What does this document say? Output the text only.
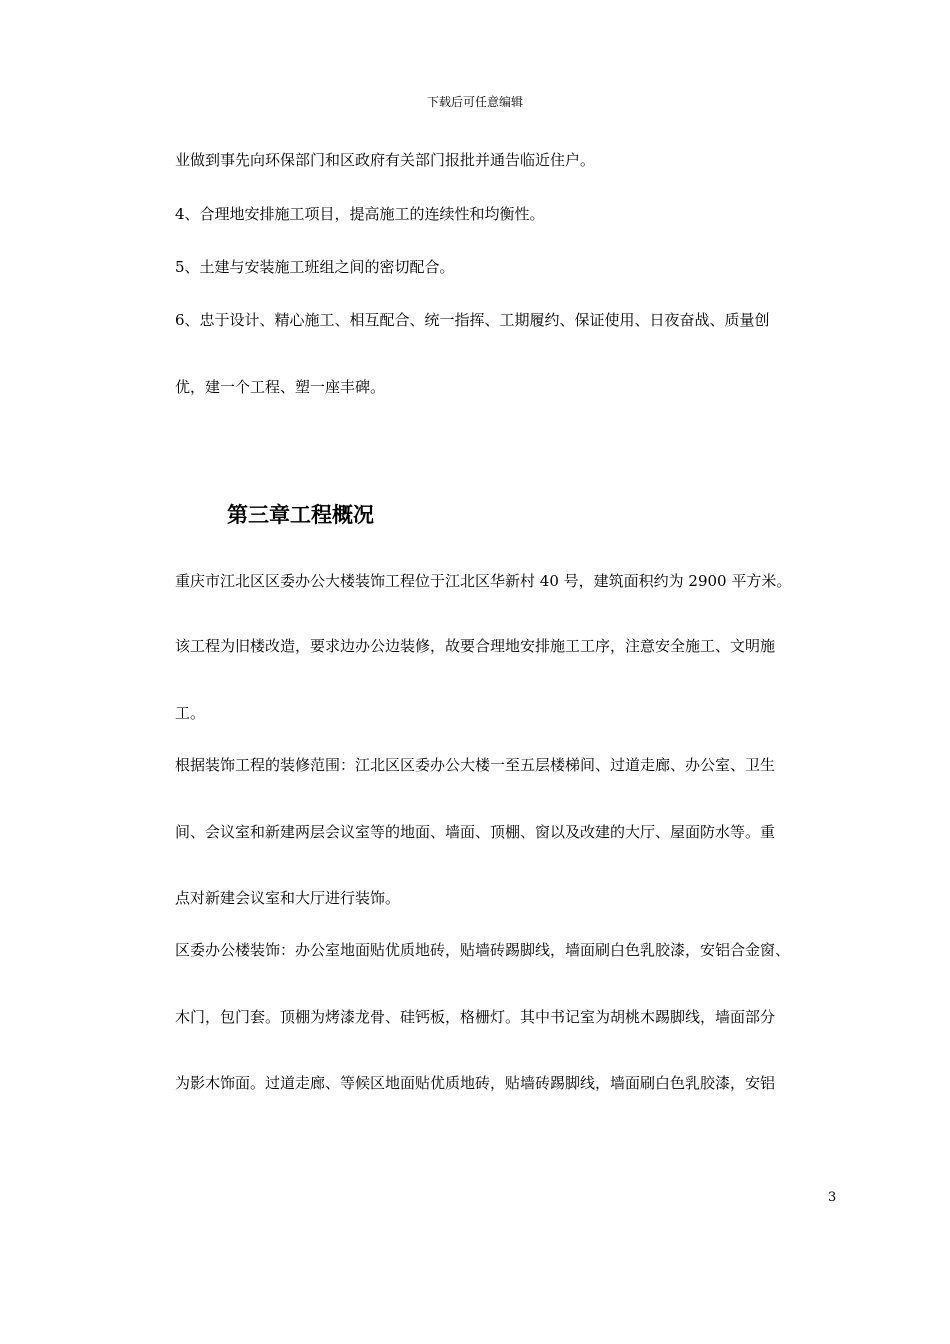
下载后可任意编辑
业做到事先向环保部门和区政府有关部门报批并通告临近住户。
4、合理地安排施工项目，提高施工的连续性和均衡性。
5、土建与安装施工班组之间的密切配合。
6、忠于设计、精心施工、相互配合、统一指挥、工期履约、保证使用、日夜奋战、质量创
优，建一个工程、塑一座丰碑。
第三章工程概况
重庆市江北区区委办公大楼装饰工程位于江北区华新村 40 号，建筑面积约为 2900 平方米。
该工程为旧楼改造，要求边办公边装修，故要合理地安排施工工序，注意安全施工、文明施
工。
根据装饰工程的装修范围：江北区区委办公大楼一至五层楼梯间、过道走廊、办公室、卫生
间、会议室和新建两层会议室等的地面、墙面、顶棚、窗以及改建的大厅、屋面防水等。重
点对新建会议室和大厅进行装饰。
区委办公楼装饰：办公室地面贴优质地砖，贴墙砖踢脚线，墙面刷白色乳胶漆，安铝合金窗、
木门，包门套。顶棚为烤漆龙骨、硅钙板，格栅灯。其中书记室为胡桃木踢脚线，墙面部分
为影木饰面。过道走廊、等候区地面贴优质地砖，贴墙砖踢脚线，墙面刷白色乳胶漆，安铝
3
